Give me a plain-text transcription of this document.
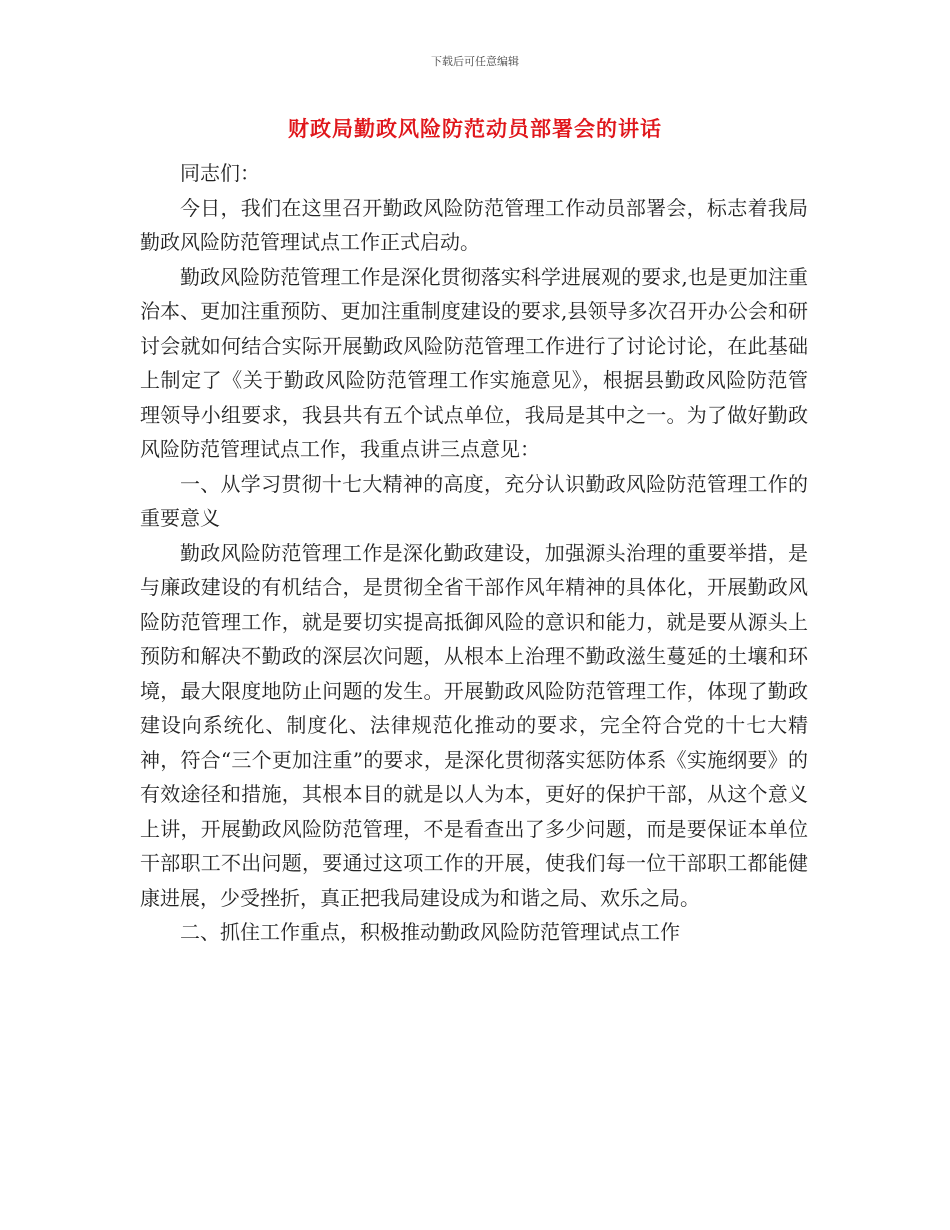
下载后可任意编辑
财政局勤政风险防范动员部署会的讲话

同志们：

今日，我们在这里召开勤政风险防范管理工作动员部署会，标志着我局勤政风险防范管理试点工作正式启动。

勤政风险防范管理工作是深化贯彻落实科学进展观的要求,也是更加注重治本、更加注重预防、更加注重制度建设的要求,县领导多次召开办公会和研讨会就如何结合实际开展勤政风险防范管理工作进行了讨论讨论，在此基础上制定了《关于勤政风险防范管理工作实施意见》，根据县勤政风险防范管理领导小组要求，我县共有五个试点单位，我局是其中之一。为了做好勤政风险防范管理试点工作，我重点讲三点意见：

一、从学习贯彻十七大精神的高度，充分认识勤政风险防范管理工作的重要意义

勤政风险防范管理工作是深化勤政建设，加强源头治理的重要举措，是与廉政建设的有机结合，是贯彻全省干部作风年精神的具体化，开展勤政风险防范管理工作，就是要切实提高抵御风险的意识和能力，就是要从源头上预防和解决不勤政的深层次问题，从根本上治理不勤政滋生蔓延的土壤和环境，最大限度地防止问题的发生。开展勤政风险防范管理工作，体现了勤政建设向系统化、制度化、法律规范化推动的要求，完全符合党的十七大精神，符合“三个更加注重”的要求，是深化贯彻落实惩防体系《实施纲要》的有效途径和措施，其根本目的就是以人为本，更好的保护干部，从这个意义上讲，开展勤政风险防范管理，不是看查出了多少问题，而是要保证本单位干部职工不出问题，要通过这项工作的开展，使我们每一位干部职工都能健康进展，少受挫折，真正把我局建设成为和谐之局、欢乐之局。

二、抓住工作重点，积极推动勤政风险防范管理试点工作
